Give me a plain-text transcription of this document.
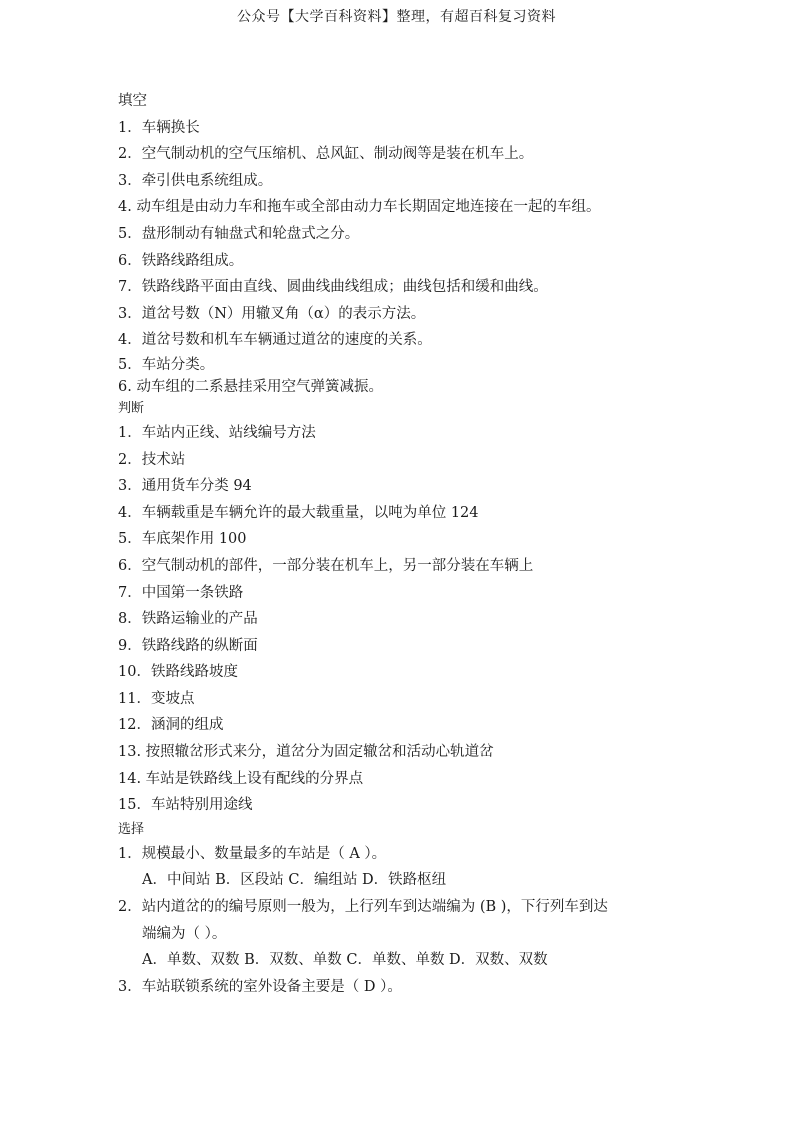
公众号【大学百科资料】整理，有超百科复习资料
填空
1．车辆换长
2．空气制动机的空气压缩机、总风缸、制动阀等是装在机车上。
3．牵引供电系统组成。
4. 动车组是由动力车和拖车或全部由动力车长期固定地连接在一起的车组。
5．盘形制动有轴盘式和轮盘式之分。
6．铁路线路组成。
7．铁路线路平面由直线、圆曲线曲线组成；曲线包括和缓和曲线。
3．道岔号数（N）用辙叉角（α）的表示方法。
4．道岔号数和机车车辆通过道岔的速度的关系。
5．车站分类。
6. 动车组的二系悬挂采用空气弹簧减振。
判断
1．车站内正线、站线编号方法
2．技术站
3．通用货车分类 94
4．车辆载重是车辆允许的最大载重量，以吨为单位 124
5．车底架作用 100
6．空气制动机的部件，一部分装在机车上，另一部分装在车辆上
7．中国第一条铁路
8．铁路运输业的产品
9．铁路线路的纵断面
10．铁路线路坡度
11．变坡点
12．涵洞的组成
13. 按照辙岔形式来分，道岔分为固定辙岔和活动心轨道岔
14. 车站是铁路线上设有配线的分界点
15．车站特别用途线
选择
1．规模最小、数量最多的车站是（ A ）。
A．中间站 B．区段站 C．编组站 D．铁路枢纽
2．站内道岔的的编号原则一般为，上行列车到达端编为 (B )，下行列车到达
端编为（ ）。
A．单数、双数 B．双数、单数 C．单数、单数 D．双数、双数
3．车站联锁系统的室外设备主要是（ D ）。
